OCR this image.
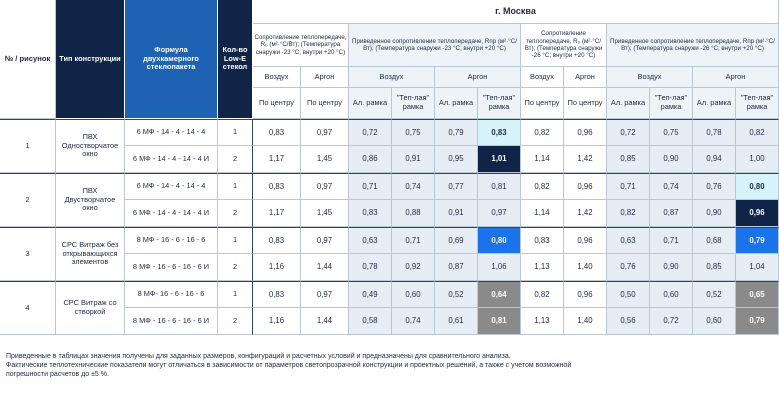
№ / рисунок	Тип конструкции
Формула двухкамерного стеклопакета
Кол-во Low-E стекол
г. Москва
Сопротивление теплопередаче, R₀ (м²·°С/Вт); (Температура снаружи -23 °С; внутри +20 °С)
Приведенное сопротивление теплопередаче, Rпр (м²·°С/Вт); (Температура снаружи -23 °С; внутри +20 °С)
Сопротивление теплопередаче, R₀ (м²·°С/Вт); (Температура снаружи -26 °С; внутри +20 °С)
Приведенное сопротивление теплопередаче, Rпр (м²·°С/Вт); (Температура снаружи -26 °С; внутри +20 °С)
Воздух	Аргон	Воздух	Аргон	Воздух	Аргон	Воздух	Аргон
По центру	По центру	Ал. рамка	"Теп-лая" рамка	Ал. рамка	"Теп-лая" рамка	По центру	По центру	Ал. рамка	"Теп-лая" рамка	Ал. рамка	"Теп-лая" рамка
1
ПВХ Одностворчатое окно
6 МФ - 14 - 4 - 14 - 4	1	0,83	0,97	0,72	0,75	0,79	0,83	0,82	0,96	0,72	0,75	0,78	0,82
6 МФ - 14 - 4 - 14 - 4 И	2	1,17	1,45	0,86	0,91	0,95	1,01	1,14	1,42	0,85	0,90	0,94	1,00
2
ПВХ Двустворчатое окно
6 МФ - 14 - 4 - 14 - 4	1	0,83	0,97	0,71	0,74	0,77	0,81	0,82	0,96	0,71	0,74	0,76	0,80
6 МФ - 14 - 4 - 14 - 4 И	2	1,17	1,45	0,83	0,88	0,91	0,97	1,14	1,42	0,82	0,87	0,90	0,96
3
СРС Витраж без открывающихся элементов
8 МФ - 16 - 6 - 16 - 6	1	0,83	0,97	0,63	0,71	0,69	0,80	0,83	0,96	0,63	0,71	0,68	0,79
8 МФ - 16 - 6 - 16 - 6 И	2	1,16	1,44	0,78	0,92	0,87	1,06	1,13	1,40	0,76	0,90	0,85	1,04
4	СРС Витраж со створкой
8 МФ- 16 - 6 - 16 - 6	1	0,83	0,97	0,49	0,60	0,52	0,64	0,82	0,96	0,50	0,60	0,52	0,65
8 МФ - 16 - 6 - 16 - 6 И	2	1,16	1,44	0,58	0,74	0,61	0,81	1,13	1,40	0,56	0,72	0,60	0,79
Приведенные в таблицах значения получены для заданных размеров, конфигураций и расчетных условий и предназначены для сравнительного анализа.
Фактические теплотехнические показатели могут отличаться в зависимости от параметров светопрозрачной конструкции и проектных решений, а также с учетом возможной
погрешности расчетов до ±5 %.
